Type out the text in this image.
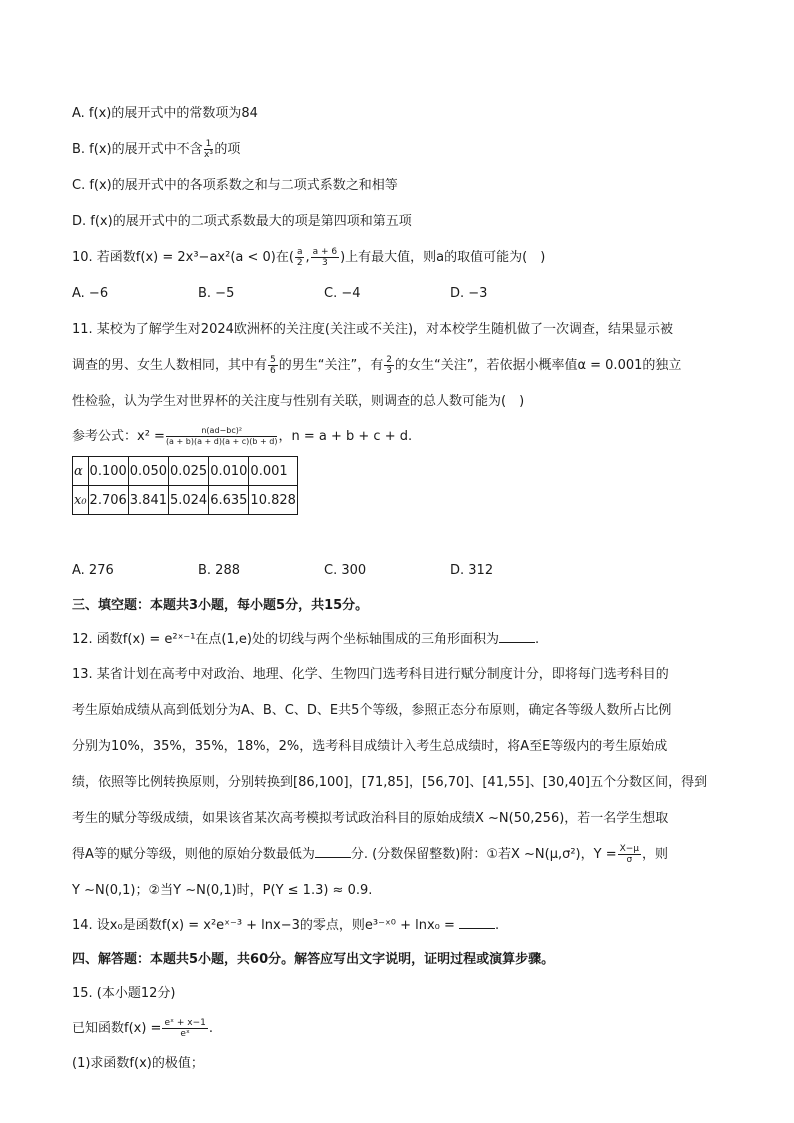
A. f(x)的展开式中的常数项为84
B. f(x)的展开式中不含 $\frac{1}{\text{x³}}$ 的项
C. f(x)的展开式中的各项系数之和与二项式系数之和相等
D. f(x)的展开式中的二项式系数最大的项是第四项和第五项
10. 若函数f(x) = 2x³−ax²(a < 0)在( $\frac{a}{2}$ , $\frac{a + 6}{3}$ )上有最大值，则a的取值可能为(　)
A. −6	B. −5	C. −4	D. −3
11. 某校为了解学生对2024欧洲杯的关注度(关注或不关注)，对本校学生随机做了一次调查，结果显示被
调查的男、女生人数相同，其中有 $\frac{5}{6}$ 的男生“关注”，有 $\frac{2}{3}$ 的女生“关注”，若依据小概率值α = 0.001的独立
性检验，认为学生对世界杯的关注度与性别有关联，则调查的总人数可能为(　)
参考公式：$x^2 = \frac{\text{n(ad−bc)²}}{(a + b)(a + d)(a + c)(b + d)}$ ，n = a + b + c + d.
α	0.100	0.050	0.025	0.010	0.001
x₀	2.706	3.841	5.024	6.635	10.828
A. 276	B. 288	C. 300	D. 312
三、填空题：本题共3小题，每小题5分，共15分。
12. 函数f(x) = e²ˣ⁻¹在点(1,e)处的切线与两个坐标轴围成的三角形面积为	.
13. 某省计划在高考中对政治、地理、化学、生物四门选考科目进行赋分制度计分，即将每门选考科目的
考生原始成绩从高到低划分为A、B、C、D、E共5个等级，参照正态分布原则，确定各等级人数所占比例
分别为10%，35%，35%，18%，2%，选考科目成绩计入考生总成绩时，将A至E等级内的考生原始成
绩，依照等比例转换原则，分别转换到[86,100]，[71,85]，[56,70]、[41,55]、[30,40]五个分数区间，得到
考生的赋分等级成绩，如果该省某次高考模拟考试政治科目的原始成绩X ~N(50,256)，若一名学生想取
得A等的赋分等级，则他的原始分数最低为	分. (分数保留整数)附：①若X ~N(μ,σ²)，$Y = \frac{X-\mu}{\sigma}$ ，则
Y ~N(0,1)；②当Y ~N(0,1)时，P(Y ≤ 1.3) ≈ 0.9.
14. 设x₀是函数f(x) = x²eˣ⁻³ + lnx−3的零点，则e³⁻ˣ⁰ + lnx₀ =	.
四、解答题：本题共5小题，共60分。解答应写出文字说明，证明过程或演算步骤。
15. (本小题12分)
已知函数$f(x) = \frac{\text{eˣ + x−1}}{\text{eˣ}}$ .
(1)求函数f(x)的极值；
